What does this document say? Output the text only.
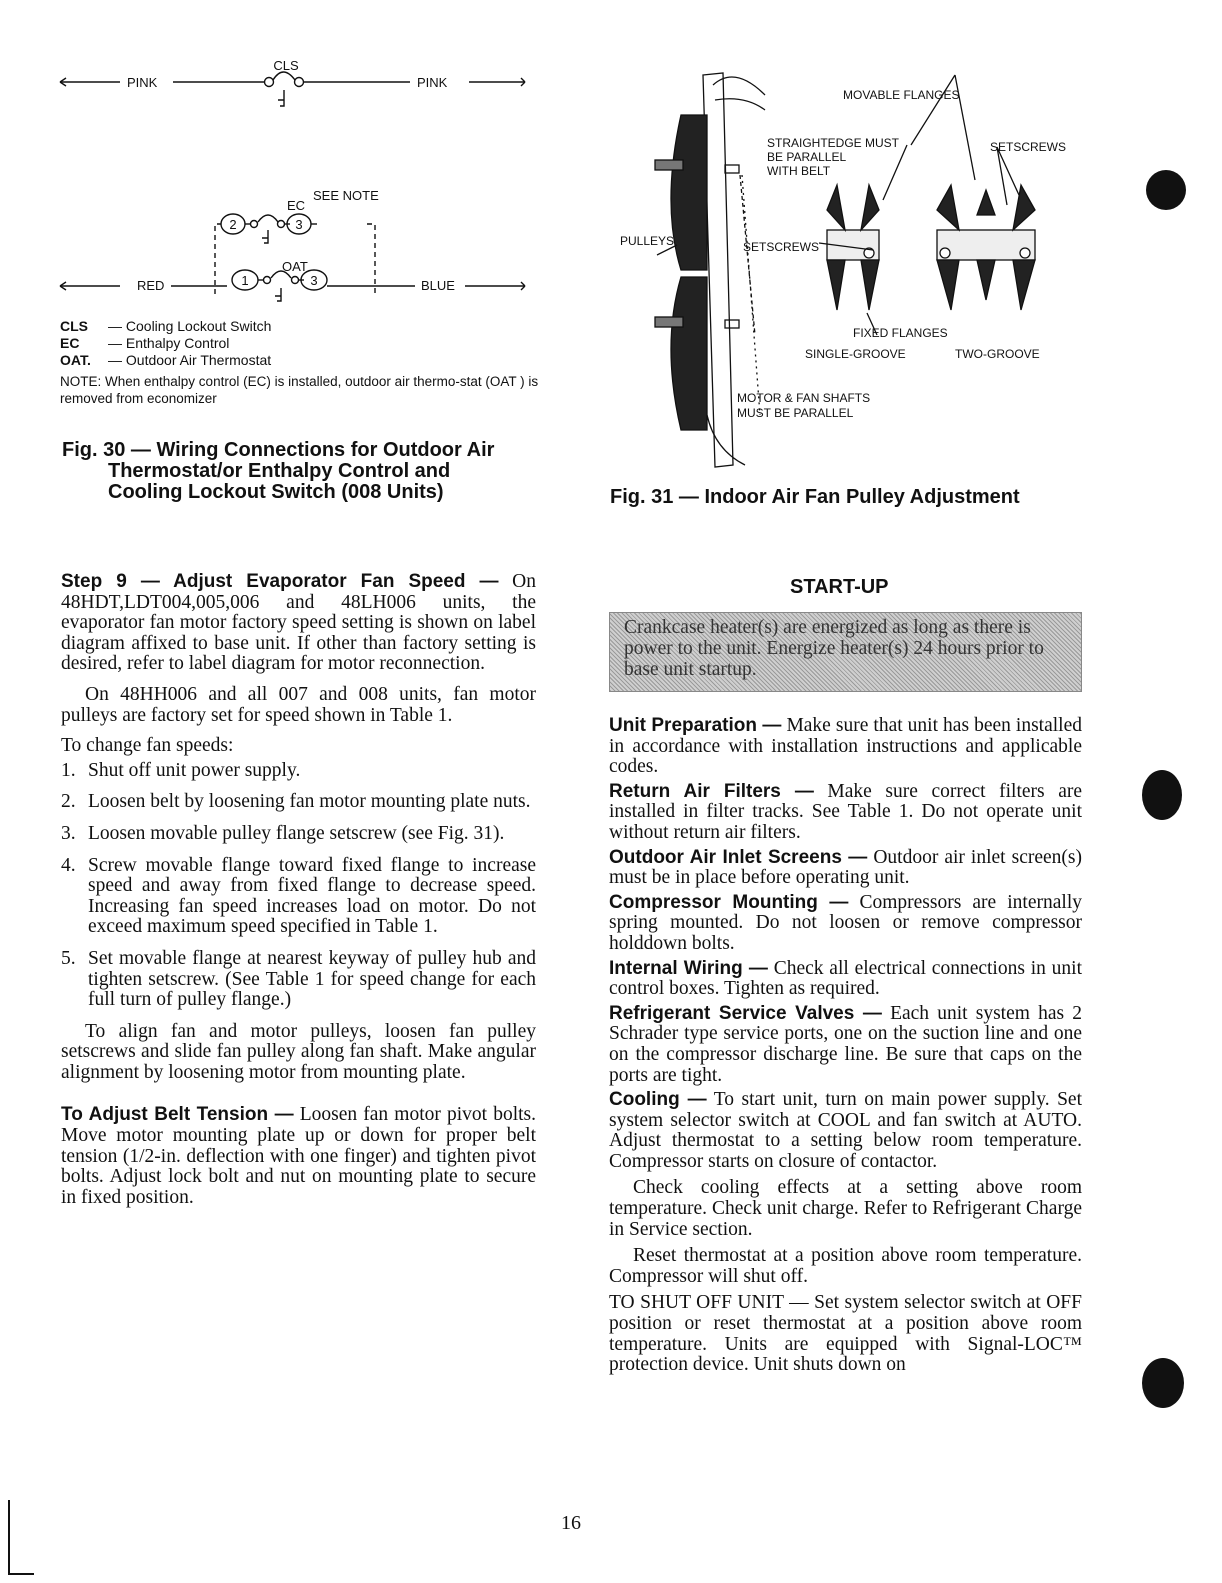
CLS
PINK	PINK
SEE NOTE
EC
OAT
RED	BLUE
2	3
1	3
CLS	— Cooling Lockout Switch
EC	— Enthalpy Control
OAT.	— Outdoor Air Thermostat
NOTE: When enthalpy control (EC) is installed, outdoor air thermo-stat (OAT ) is removed from economizer
Fig. 30 — Wiring Connections for Outdoor Air
Thermostat/or Enthalpy Control and
Cooling Lockout Switch (008 Units)
MOVABLE FLANGES
STRAIGHTEDGE MUST
BE PARALLEL
WITH BELT
SETSCREWS
PULLEYS	SETSCREWS
FIXED FLANGES
SINGLE-GROOVE	TWO-GROOVE
MOTOR & FAN SHAFTS
MUST BE PARALLEL
Fig. 31 — Indoor Air Fan Pulley Adjustment

Step 9 — Adjust Evaporator Fan Speed — On 48HDT,LDT004,005,006 and 48LH006 units, the evaporator fan motor factory speed setting is shown on label diagram affixed to base unit. If other than factory setting is desired, refer to label diagram for motor reconnection.

On 48HH006 and all 007 and 008 units, fan motor pulleys are factory set for speed shown in Table 1.

To change fan speeds:

1. Shut off unit power supply.
2. Loosen belt by loosening fan motor mounting plate nuts.
3. Loosen movable pulley flange setscrew (see Fig. 31).
4. Screw movable flange toward fixed flange to increase speed and away from fixed flange to decrease speed. Increasing fan speed increases load on motor. Do not exceed maximum speed specified in Table 1.
5. Set movable flange at nearest keyway of pulley hub and tighten setscrew. (See Table 1 for speed change for each full turn of pulley flange.)

To align fan and motor pulleys, loosen fan pulley setscrews and slide fan pulley along fan shaft. Make angular alignment by loosening motor from mounting plate.

To Adjust Belt Tension — Loosen fan motor pivot bolts. Move motor mounting plate up or down for proper belt tension (1/2-in. deflection with one finger) and tighten pivot bolts. Adjust lock bolt and nut on mounting plate to secure in fixed position.

START-UP
Crankcase heater(s) are energized as long as there is power to the unit. Energize heater(s) 24 hours prior to base unit startup.

Unit Preparation — Make sure that unit has been installed in accordance with installation instructions and applicable codes.

Return Air Filters — Make sure correct filters are installed in filter tracks. See Table 1. Do not operate unit without return air filters.

Outdoor Air Inlet Screens — Outdoor air inlet screen(s) must be in place before operating unit.

Compressor Mounting — Compressors are internally spring mounted. Do not loosen or remove compressor holddown bolts.

Internal Wiring — Check all electrical connections in unit control boxes. Tighten as required.

Refrigerant Service Valves — Each unit system has 2 Schrader type service ports, one on the suction line and one on the compressor discharge line. Be sure that caps on the ports are tight.

Cooling — To start unit, turn on main power supply. Set system selector switch at COOL and fan switch at AUTO. Adjust thermostat to a setting below room temperature. Compressor starts on closure of contactor.

Check cooling effects at a setting above room temperature. Check unit charge. Refer to Refrigerant Charge in Service section.

Reset thermostat at a position above room temperature. Compressor will shut off.

TO SHUT OFF UNIT — Set system selector switch at OFF position or reset thermostat at a position above room temperature. Units are equipped with Signal-LOC™ protection device. Unit shuts down on

16
